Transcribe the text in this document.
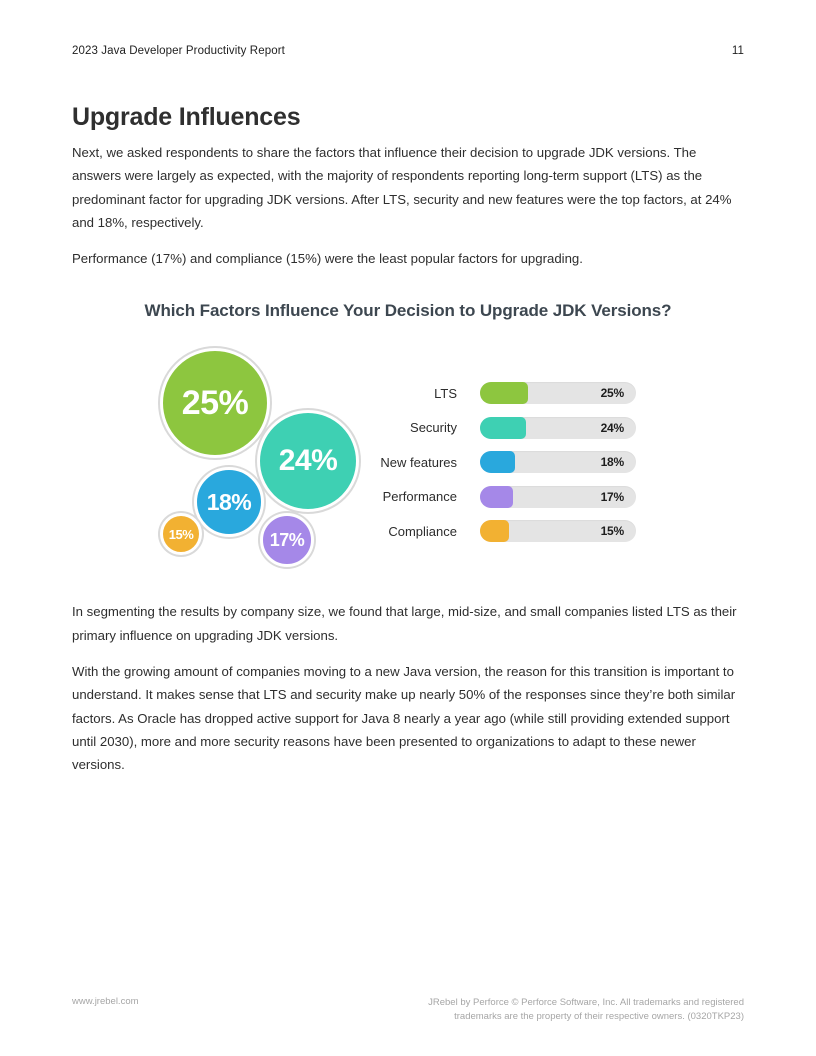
2023 Java Developer Productivity Report	11
Upgrade Influences

Next, we asked respondents to share the factors that influence their decision to upgrade JDK versions. The answers were largely as expected, with the majority of respondents reporting long-term support (LTS) as the predominant factor for upgrading JDK versions. After LTS, security and new features were the top factors, at 24% and 18%, respectively.

Performance (17%) and compliance (15%) were the least popular factors for upgrading.

Which Factors Influence Your Decision to Upgrade JDK Versions?
25%
24%
18%
17%
15%
LTS	25%
Security	24%
New features	18%
Performance	17%
Compliance	15%

In segmenting the results by company size, we found that large, mid-size, and small companies listed LTS as their primary influence on upgrading JDK versions.

With the growing amount of companies moving to a new Java version, the reason for this transition is important to understand. It makes sense that LTS and security make up nearly 50% of the responses since they’re both similar factors. As Oracle has dropped active support for Java 8 nearly a year ago (while still providing extended support until 2030), more and more security reasons have been presented to organizations to adapt to these newer versions.

www.jrebel.com	JRebel by Perforce © Perforce Software, Inc. All trademarks and registered
trademarks are the property of their respective owners. (0320TKP23)
